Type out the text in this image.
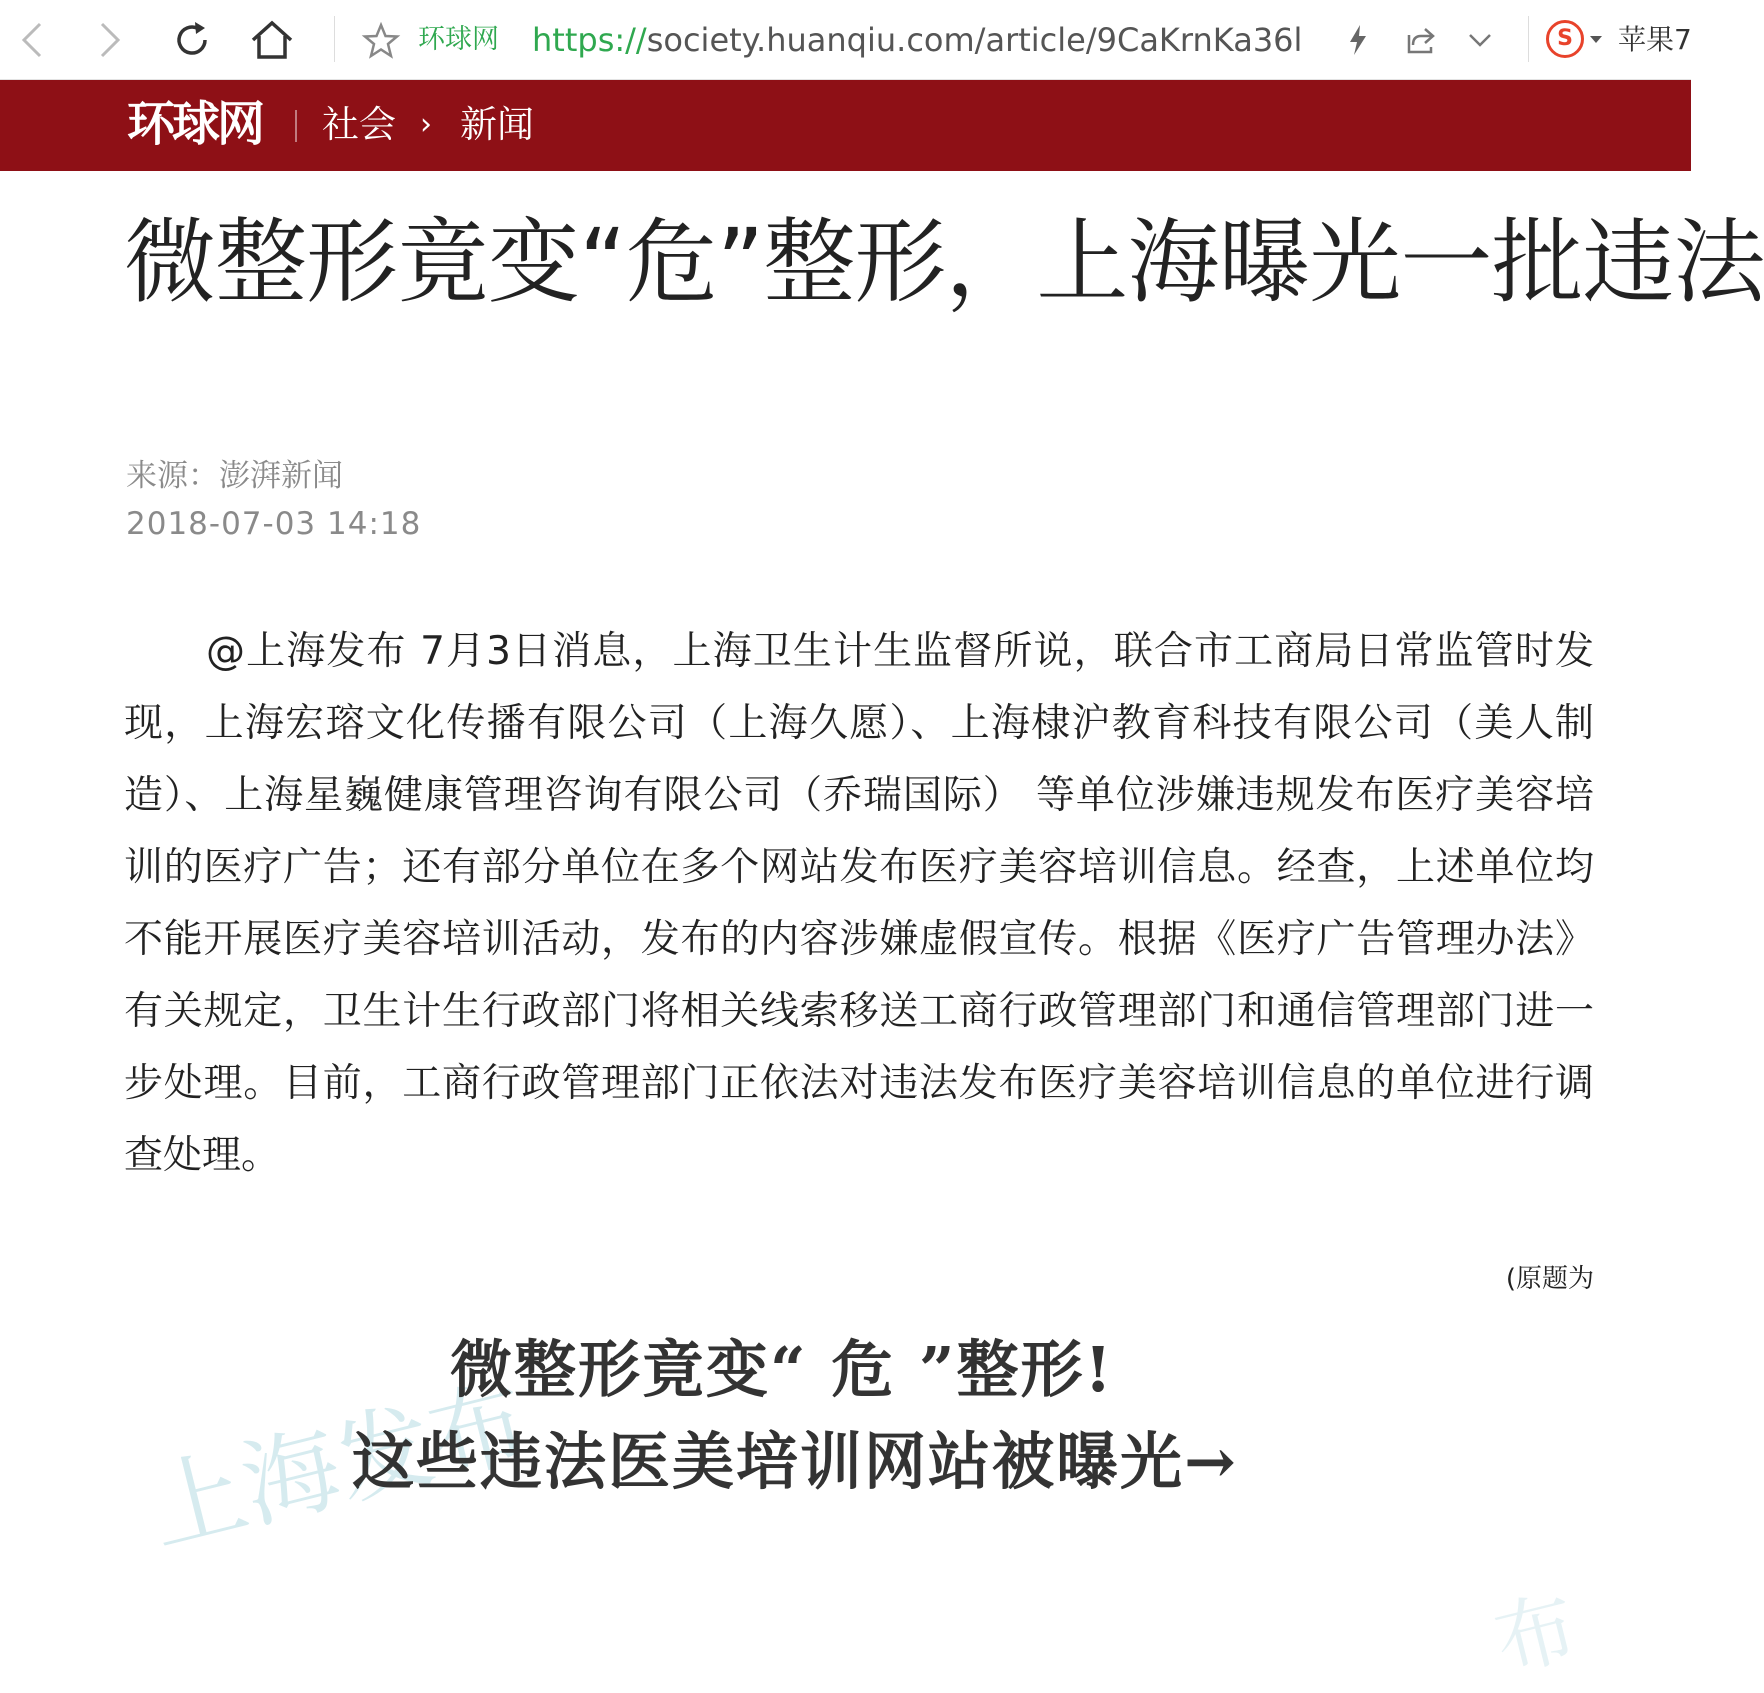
环球网 https://society.huanqiu.com/article/9CaKrnKa36l	S	苹果7
环球网 社会 › 新闻
微整形竟变“危”整形，上海曝光一批违法
来源：澎湃新闻
2018-07-03 14:18

@上海发布 7月3日消息，上海卫生计生监督所说，联合市工商局日常监管时发现，上海宏瑢文化传播有限公司（上海久愿）、上海棣沪教育科技有限公司（美人制造）、上海星巍健康管理咨询有限公司（乔瑞国际） 等单位涉嫌违规发布医疗美容培训的医疗广告；还有部分单位在多个网站发布医疗美容培训信息。经查，上述单位均不能开展医疗美容培训活动，发布的内容涉嫌虚假宣传。根据《医疗广告管理办法》有关规定，卫生计生行政部门将相关线索移送工商行政管理部门和通信管理部门进一步处理。目前，工商行政管理部门正依法对违法发布医疗美容培训信息的单位进行调查处理。

(原题为
上海发布
布
微整形竟变“ 危 ”整形!
这些违法医美培训网站被曝光→
